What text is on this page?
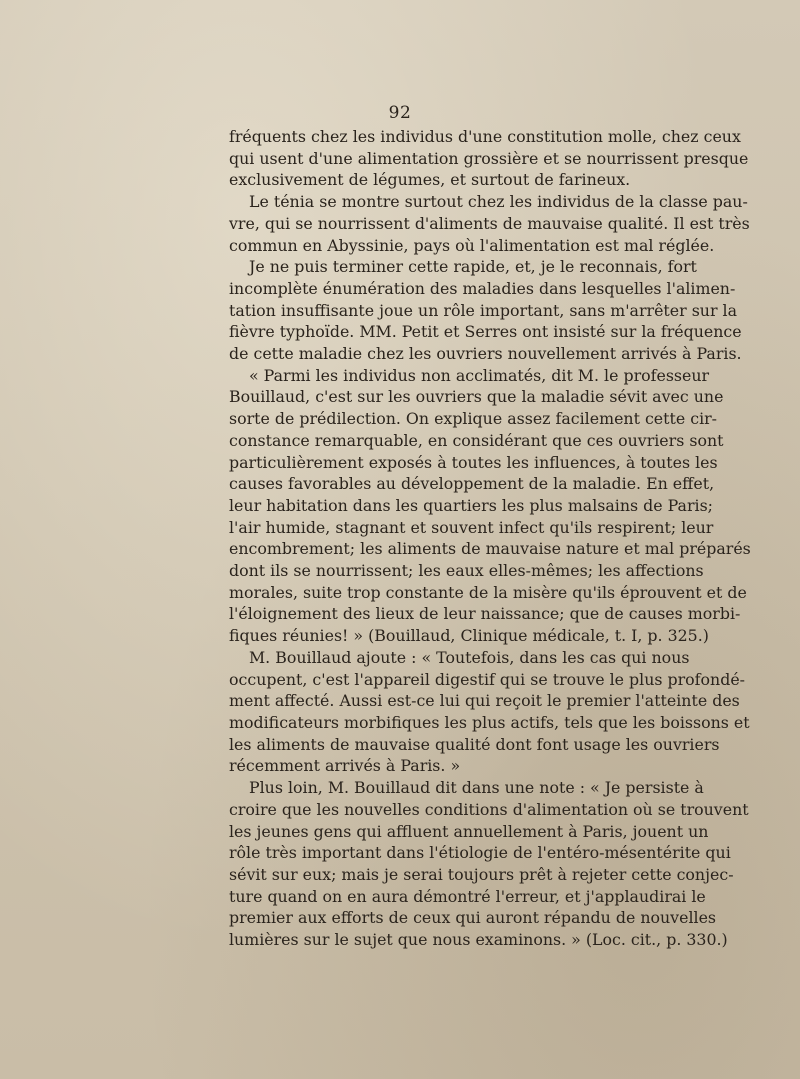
92

fréquents chez les individus d'une constitution molle, chez ceux
qui usent d'une alimentation grossière et se nourrissent presque
exclusivement de légumes, et surtout de farineux.

Le ténia se montre surtout chez les individus de la classe pau-
vre, qui se nourrissent d'aliments de mauvaise qualité. Il est très
commun en Abyssinie, pays où l'alimentation est mal réglée.

Je ne puis terminer cette rapide, et, je le reconnais, fort
incomplète énumération des maladies dans lesquelles l'alimen-
tation insuffisante joue un rôle important, sans m'arrêter sur la
fièvre typhoïde. MM. Petit et Serres ont insisté sur la fréquence
de cette maladie chez les ouvriers nouvellement arrivés à Paris.

« Parmi les individus non acclimatés, dit M. le professeur
Bouillaud, c'est sur les ouvriers que la maladie sévit avec une
sorte de prédilection. On explique assez facilement cette cir-
constance remarquable, en considérant que ces ouvriers sont
particulièrement exposés à toutes les influences, à toutes les
causes favorables au développement de la maladie. En effet,
leur habitation dans les quartiers les plus malsains de Paris;
l'air humide, stagnant et souvent infect qu'ils respirent; leur
encombrement; les aliments de mauvaise nature et mal préparés
dont ils se nourrissent; les eaux elles-mêmes; les affections
morales, suite trop constante de la misère qu'ils éprouvent et de
l'éloignement des lieux de leur naissance; que de causes morbi-
fiques réunies! » (Bouillaud, Clinique médicale, t. I, p. 325.)

M. Bouillaud ajoute : « Toutefois, dans les cas qui nous
occupent, c'est l'appareil digestif qui se trouve le plus profondé-
ment affecté. Aussi est-ce lui qui reçoit le premier l'atteinte des
modificateurs morbifiques les plus actifs, tels que les boissons et
les aliments de mauvaise qualité dont font usage les ouvriers
récemment arrivés à Paris. »

Plus loin, M. Bouillaud dit dans une note : « Je persiste à
croire que les nouvelles conditions d'alimentation où se trouvent
les jeunes gens qui affluent annuellement à Paris, jouent un
rôle très important dans l'étiologie de l'entéro-mésentérite qui
sévit sur eux; mais je serai toujours prêt à rejeter cette conjec-
ture quand on en aura démontré l'erreur, et j'applaudirai le
premier aux efforts de ceux qui auront répandu de nouvelles
lumières sur le sujet que nous examinons. » (Loc. cit., p. 330.)
